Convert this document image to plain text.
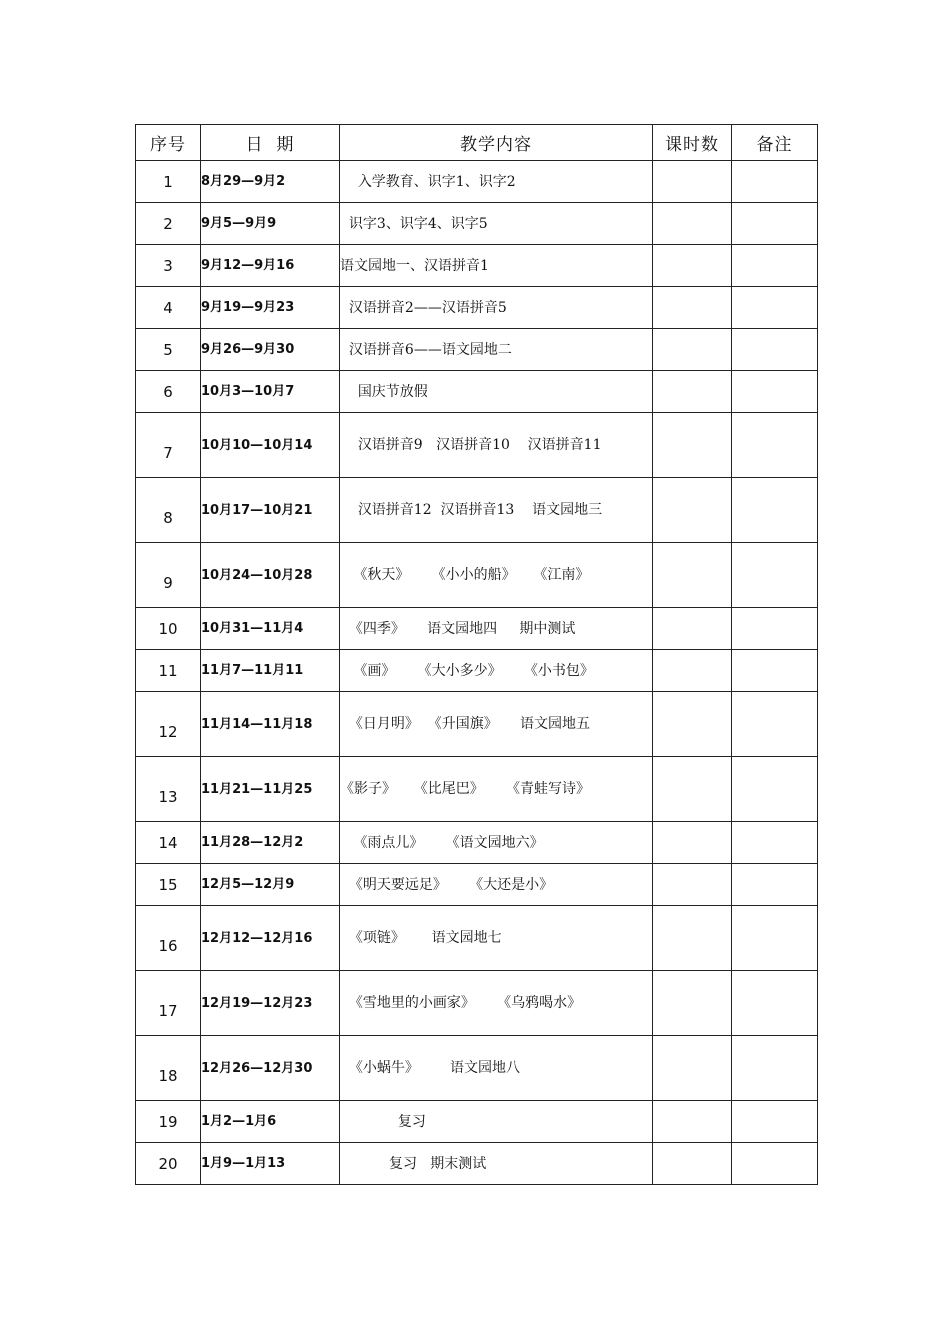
序号	日  期	教学内容	课时数	备注
1	8月29—9月2	入学教育、识字1、识字2		
2	9月5—9月9	识字3、识字4、识字5		
3	9月12—9月16	语文园地一、汉语拼音1		
4	9月19—9月23	汉语拼音2——汉语拼音5		
5	9月26—9月30	汉语拼音6——语文园地二		
6	10月3—10月7	国庆节放假		
7	10月10—10月14	汉语拼音9   汉语拼音10    汉语拼音11		
8	10月17—10月21	汉语拼音12  汉语拼音13    语文园地三		
9	10月24—10月28	《秋天》     《小小的船》    《江南》		
10	10月31—11月4	《四季》     语文园地四     期中测试		
11	11月7—11月11	《画》     《大小多少》     《小书包》		
12	11月14—11月18	《日月明》  《升国旗》     语文园地五		
13	11月21—11月25	《影子》    《比尾巴》     《青蛙写诗》		
14	11月28—12月2	《雨点儿》     《语文园地六》		
15	12月5—12月9	《明天要远足》     《大还是小》		
16	12月12—12月16	《项链》      语文园地七		
17	12月19—12月23	《雪地里的小画家》     《乌鸦喝水》		
18	12月26—12月30	《小蜗牛》       语文园地八		
19	1月2—1月6	复习		
20	1月9—1月13	复习   期末测试		
